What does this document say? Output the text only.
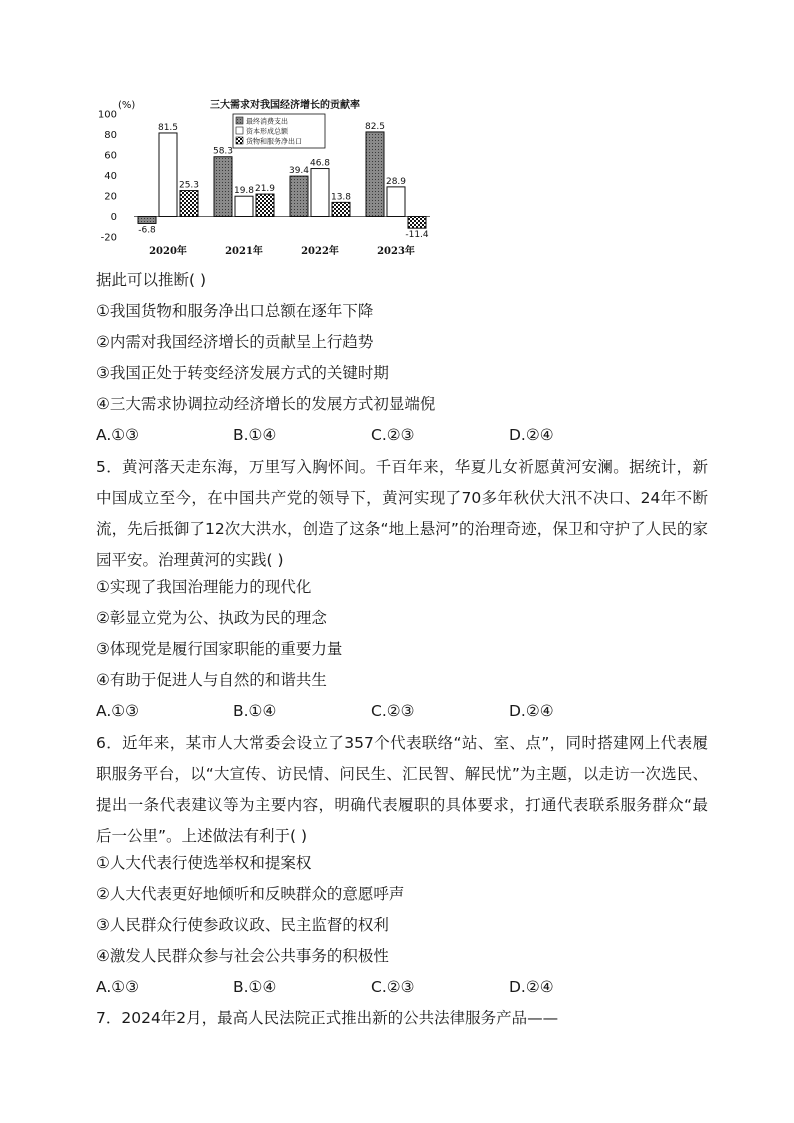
三大需求对我国经济增长的贡献率
(%)
100
80
60
40
20
0
-20
-6.8
81.5
25.3
58.3
19.8 21.9
39.4
46.8
13.8
82.5
28.9
-11.4
2020年	2021年	2022年	2023年
最终消费支出
资本形成总额
货物和服务净出口
据此可以推断( )
①我国货物和服务净出口总额在逐年下降
②内需对我国经济增长的贡献呈上行趋势
③我国正处于转变经济发展方式的关键时期
④三大需求协调拉动经济增长的发展方式初显端倪
A.①③	B.①④	C.②③	D.②④
5．黄河落天走东海，万里写入胸怀间。千百年来，华夏儿女祈愿黄河安澜。据统计，新中国成立至今，在中国共产党的领导下，黄河实现了70多年秋伏大汛不决口、24年不断流，先后抵御了12次大洪水，创造了这条“地上悬河”的治理奇迹，保卫和守护了人民的家园平安。治理黄河的实践( )
①实现了我国治理能力的现代化
②彰显立党为公、执政为民的理念
③体现党是履行国家职能的重要力量
④有助于促进人与自然的和谐共生
A.①③	B.①④	C.②③	D.②④
6．近年来，某市人大常委会设立了357个代表联络“站、室、点”，同时搭建网上代表履职服务平台，以“大宣传、访民情、问民生、汇民智、解民忧”为主题，以走访一次选民、提出一条代表建议等为主要内容，明确代表履职的具体要求，打通代表联系服务群众“最后一公里”。上述做法有利于( )
①人大代表行使选举权和提案权
②人大代表更好地倾听和反映群众的意愿呼声
③人民群众行使参政议政、民主监督的权利
④激发人民群众参与社会公共事务的积极性
A.①③	B.①④	C.②③	D.②④
7．2024年2月，最高人民法院正式推出新的公共法律服务产品——
